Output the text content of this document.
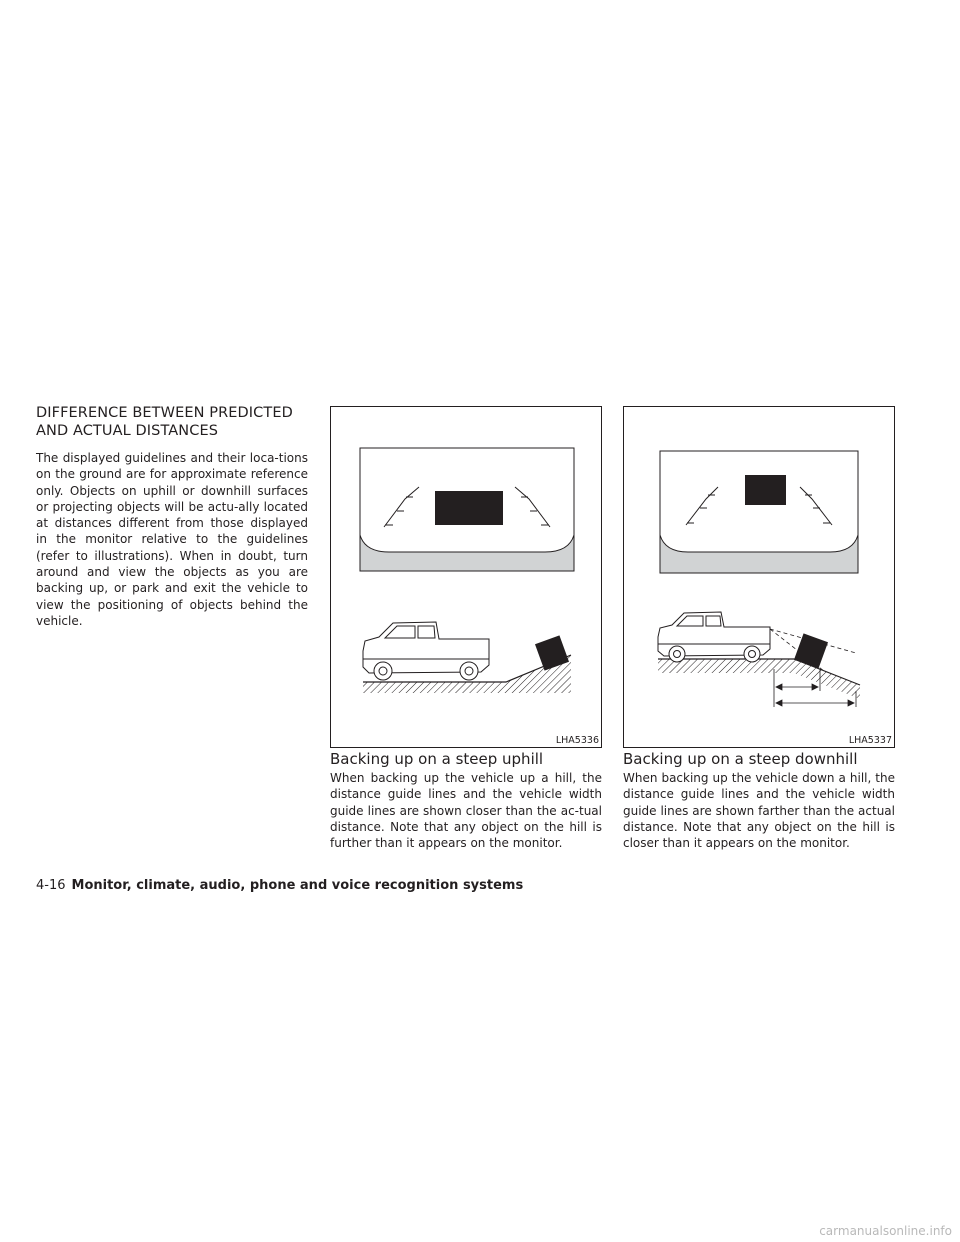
DIFFERENCE BETWEEN PREDICTED
AND ACTUAL DISTANCES

The displayed guidelines and their loca-tions on the ground are for approximate reference only. Objects on uphill or downhill surfaces or projecting objects will be actu-ally located at distances different from those displayed in the monitor relative to the guidelines (refer to illustrations). When in doubt, turn around and view the objects as you are backing up, or park and exit the vehicle to view the positioning of objects behind the vehicle.

LHA5336	LHA5337
Backing up on a steep uphill

When backing up the vehicle up a hill, the distance guide lines and the vehicle width guide lines are shown closer than the ac-tual distance. Note that any object on the hill is further than it appears on the monitor.

Backing up on a steep downhill

When backing up the vehicle down a hill, the distance guide lines and the vehicle width guide lines are shown farther than the actual distance. Note that any object on the hill is closer than it appears on the monitor.

4-16 Monitor, climate, audio, phone and voice recognition systems
carmanualsonline.info
